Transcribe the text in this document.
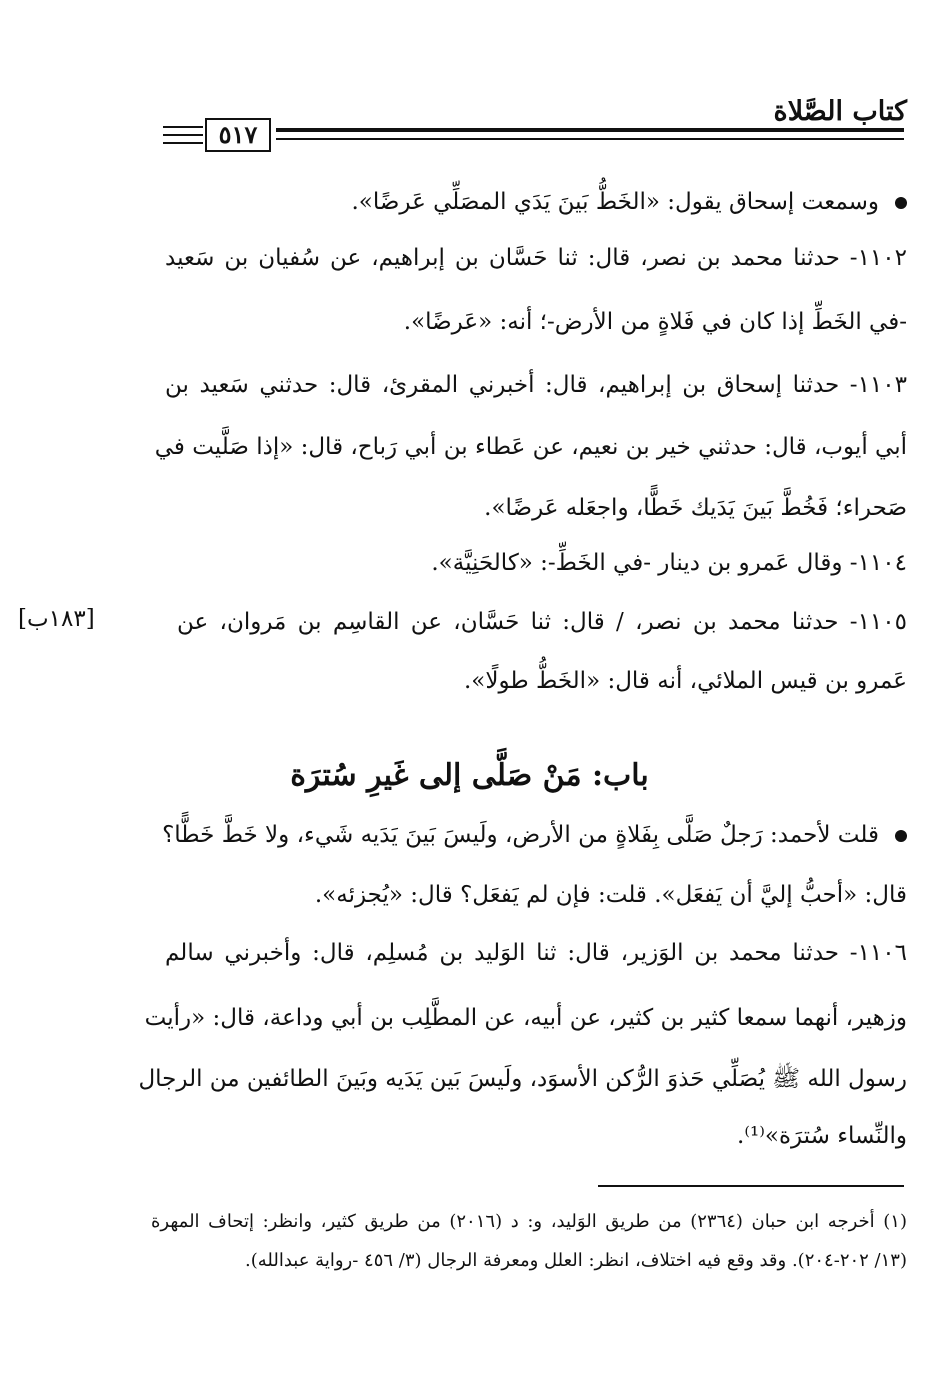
كتاب الصَّلاة
٥١٧
وسمعت إسحاق يقول: «الخَطُّ بَينَ يَدَي المصَلِّي عَرضًا».
١١٠٢- حدثنا محمد بن نصر، قال: ثنا حَسَّان بن إبراهيم، عن سُفيان بن سَعيد
-في الخَطِّ إذا كان في فَلاةٍ من الأرض-؛ أنه: «عَرضًا».
١١٠٣- حدثنا إسحاق بن إبراهيم، قال: أخبرني المقرئ، قال: حدثني سَعيد بن
أبي أيوب، قال: حدثني خير بن نعيم، عن عَطاء بن أبي رَباح، قال: «إذا صَلَّيت في
صَحراء؛ فَخُطَّ بَينَ يَدَيك خَطًّا، واجعَله عَرضًا».
١١٠٤- وقال عَمرو بن دينار -في الخَطِّ-: «كالحَنِيَّة».
١١٠٥- حدثنا محمد بن نصر، / قال: ثنا حَسَّان، عن القاسِم بن مَروان، عن
[١٨٣ب]
عَمرو بن قيس الملائي، أنه قال: «الخَطُّ طولًا».
باب: مَنْ صَلَّى إلى غَيرِ سُترَة
قلت لأحمد: رَجلٌ صَلَّى بِفَلاةٍ من الأرض، ولَيسَ بَينَ يَدَيه شَيء، ولا خَطَّ خَطًّا؟
قال: «أحبُّ إليَّ أن يَفعَل». قلت: فإن لم يَفعَل؟ قال: «يُجزئه».
١١٠٦- حدثنا محمد بن الوَزير، قال: ثنا الوَليد بن مُسلِم، قال: وأخبرني سالم
وزهير، أنهما سمعا كثير بن كثير، عن أبيه، عن المطَّلِب بن أبي وداعة، قال: «رأيت
رسول الله ﷺ يُصَلِّي حَذوَ الرُّكن الأسوَد، ولَيسَ بَين يَدَيه وبَينَ الطائفين من الرجال
والنِّساء سُترَة»⁽¹⁾.
(١) أخرجه ابن حبان (٢٣٦٤) من طريق الوَليد، و: د (٢٠١٦) من طريق كثير، وانظر: إتحاف المهرة
(١٣/ ٢٠٢-٢٠٤). وقد وقع فيه اختلاف، انظر: العلل ومعرفة الرجال (٣/ ٤٥٦ -رواية عبدالله).
